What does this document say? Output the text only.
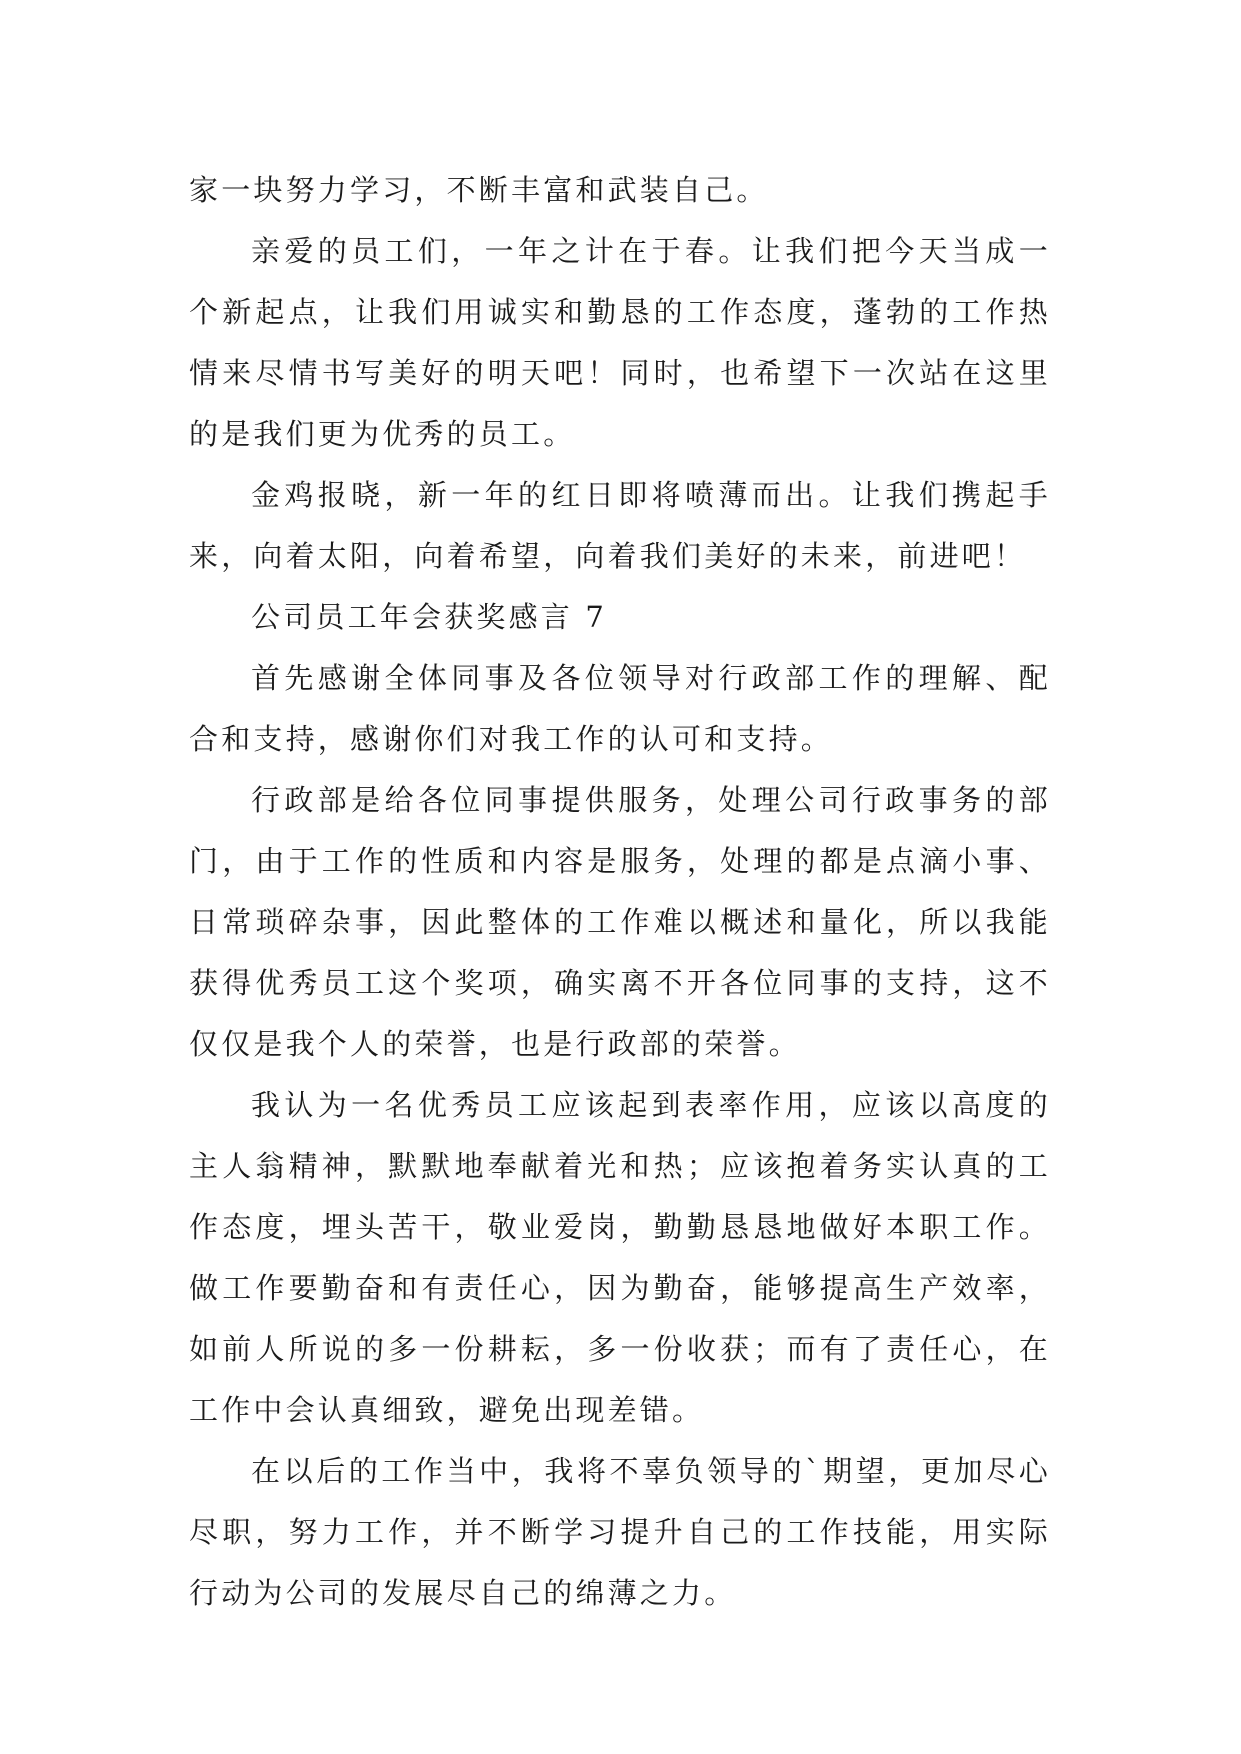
家一块努力学习，不断丰富和武装自己。

亲爱的员工们，一年之计在于春。让我们把今天当成一个新起点，让我们用诚实和勤恳的工作态度，蓬勃的工作热情来尽情书写美好的明天吧！同时，也希望下一次站在这里的是我们更为优秀的员工。

金鸡报晓，新一年的红日即将喷薄而出。让我们携起手来，向着太阳，向着希望，向着我们美好的未来，前进吧！

公司员工年会获奖感言 7

首先感谢全体同事及各位领导对行政部工作的理解、配合和支持，感谢你们对我工作的认可和支持。

行政部是给各位同事提供服务，处理公司行政事务的部门，由于工作的性质和内容是服务，处理的都是点滴小事、日常琐碎杂事，因此整体的工作难以概述和量化，所以我能获得优秀员工这个奖项，确实离不开各位同事的支持，这不仅仅是我个人的荣誉，也是行政部的荣誉。

我认为一名优秀员工应该起到表率作用，应该以高度的主人翁精神，默默地奉献着光和热；应该抱着务实认真的工作态度，埋头苦干，敬业爱岗，勤勤恳恳地做好本职工作。做工作要勤奋和有责任心，因为勤奋，能够提高生产效率，如前人所说的多一份耕耘，多一份收获；而有了责任心，在工作中会认真细致，避免出现差错。

在以后的工作当中，我将不辜负领导的`期望，更加尽心尽职，努力工作，并不断学习提升自己的工作技能，用实际行动为公司的发展尽自己的绵薄之力。
